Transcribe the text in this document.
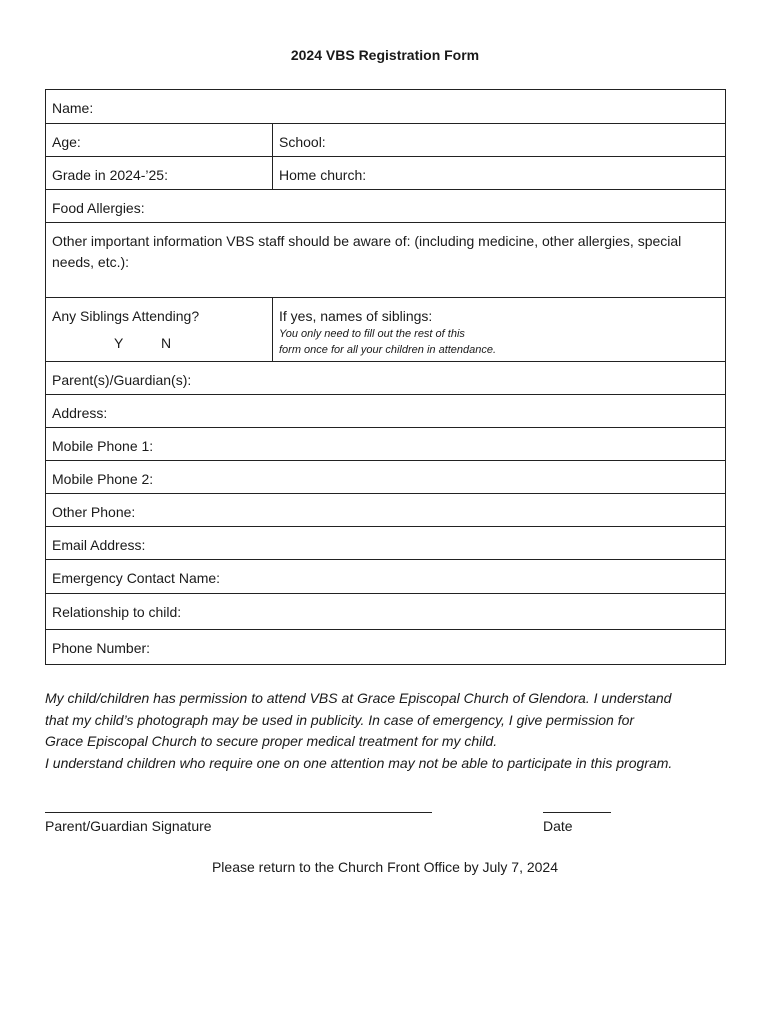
2024 VBS Registration Form
Name:
Age:	School:
Grade in 2024-’25:	Home church:
Food Allergies:
Other important information VBS staff should be aware of: (including medicine, other allergies, special needs, etc.):
Any Siblings Attending?
Y	N
If yes, names of siblings:
You only need to fill out the rest of this
form once for all your children in attendance.
Parent(s)/Guardian(s):
Address:
Mobile Phone 1:
Mobile Phone 2:
Other Phone:
Email Address:
Emergency Contact Name:
Relationship to child:
Phone Number:
My child/children has permission to attend VBS at Grace Episcopal Church of Glendora. I understand
that my child’s photograph may be used in publicity. In case of emergency, I give permission for
Grace Episcopal Church to secure proper medical treatment for my child.
I understand children who require one on one attention may not be able to participate in this program.
Parent/Guardian Signature	Date
Please return to the Church Front Office by July 7, 2024
